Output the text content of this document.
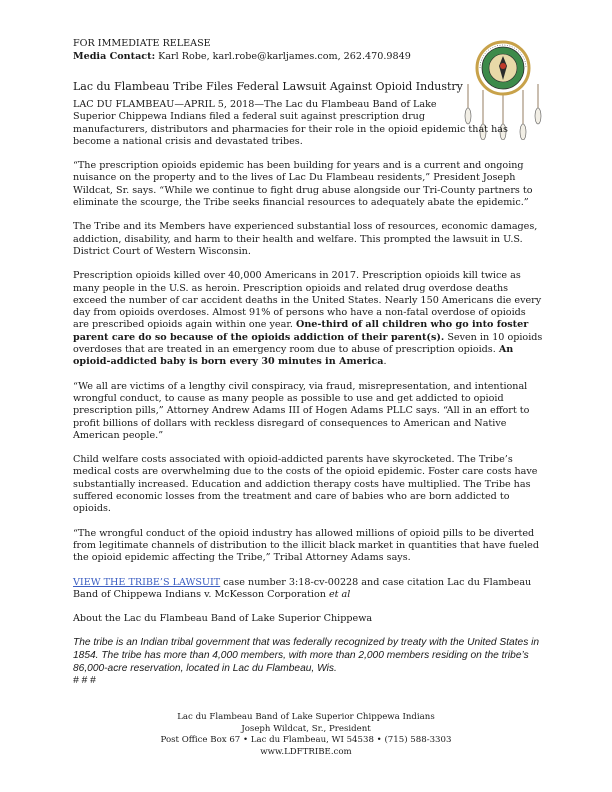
FOR IMMEDIATE RELEASE
Media Contact: Karl Robe, karl.robe@karljames.com, 262.470.9849
Lac du Flambeau Tribe Files Federal Lawsuit Against Opioid Industry

LAC DU FLAMBEAU—APRIL 5, 2018—The Lac du Flambeau Band of Lake Superior Chippewa Indians filed a federal suit against prescription drug
manufacturers, distributors and pharmacies for their role in the opioid epidemic that has become a national crisis and devastated tribes.

“The prescription opioids epidemic has been building for years and is a current and ongoing nuisance on the property and to the lives of Lac Du Flambeau residents,” President Joseph Wildcat, Sr. says. “While we continue to fight drug abuse alongside our Tri-County partners to eliminate the scourge, the Tribe seeks financial resources to adequately abate the epidemic.”

The Tribe and its Members have experienced substantial loss of resources, economic damages, addiction, disability, and harm to their health and welfare. This prompted the lawsuit in U.S. District Court of Western Wisconsin.

Prescription opioids killed over 40,000 Americans in 2017. Prescription opioids kill twice as many people in the U.S. as heroin. Prescription opioids and related drug overdose deaths exceed the number of car accident deaths in the United States. Nearly 150 Americans die every day from opioids overdoses. Almost 91% of persons who have a non-fatal overdose of opioids are prescribed opioids again within one year. One-third of all children who go into foster parent care do so because of the opioids addiction of their parent(s). Seven in 10 opioids overdoses that are treated in an emergency room due to abuse of prescription opioids. An opioid-addicted baby is born every 30 minutes in America.

“We all are victims of a lengthy civil conspiracy, via fraud, misrepresentation, and intentional wrongful conduct, to cause as many people as possible to use and get addicted to opioid prescription pills,” Attorney Andrew Adams III of Hogen Adams PLLC says. “All in an effort to profit billions of dollars with reckless disregard of consequences to American and Native American people.”

Child welfare costs associated with opioid-addicted parents have skyrocketed. The Tribe’s medical costs are overwhelming due to the costs of the opioid epidemic. Foster care costs have substantially increased. Education and addiction therapy costs have multiplied. The Tribe has suffered economic losses from the treatment and care of babies who are born addicted to opioids.

“The wrongful conduct of the opioid industry has allowed millions of opioid pills to be diverted from legitimate channels of distribution to the illicit black market in quantities that have fueled the opioid epidemic affecting the Tribe,” Tribal Attorney Adams says.

VIEW THE TRIBE’S LAWSUIT case number 3:18-cv-00228 and case citation Lac du Flambeau Band of Chippewa Indians v. McKesson Corporation et al

About the Lac du Flambeau Band of Lake Superior Chippewa

The tribe is an Indian tribal government that was federally recognized by treaty with the United States in 1854. The tribe has more than 4,000 members, with more than 2,000 members residing on the tribe’s 86,000-acre reservation, located in Lac du Flambeau, Wis.
# # #
Lac du Flambeau Band of Lake Superior Chippewa Indians
Joseph Wildcat, Sr., President
Post Office Box 67 • Lac du Flambeau, WI 54538 • (715) 588-3303
www.LDFTRIBE.com
